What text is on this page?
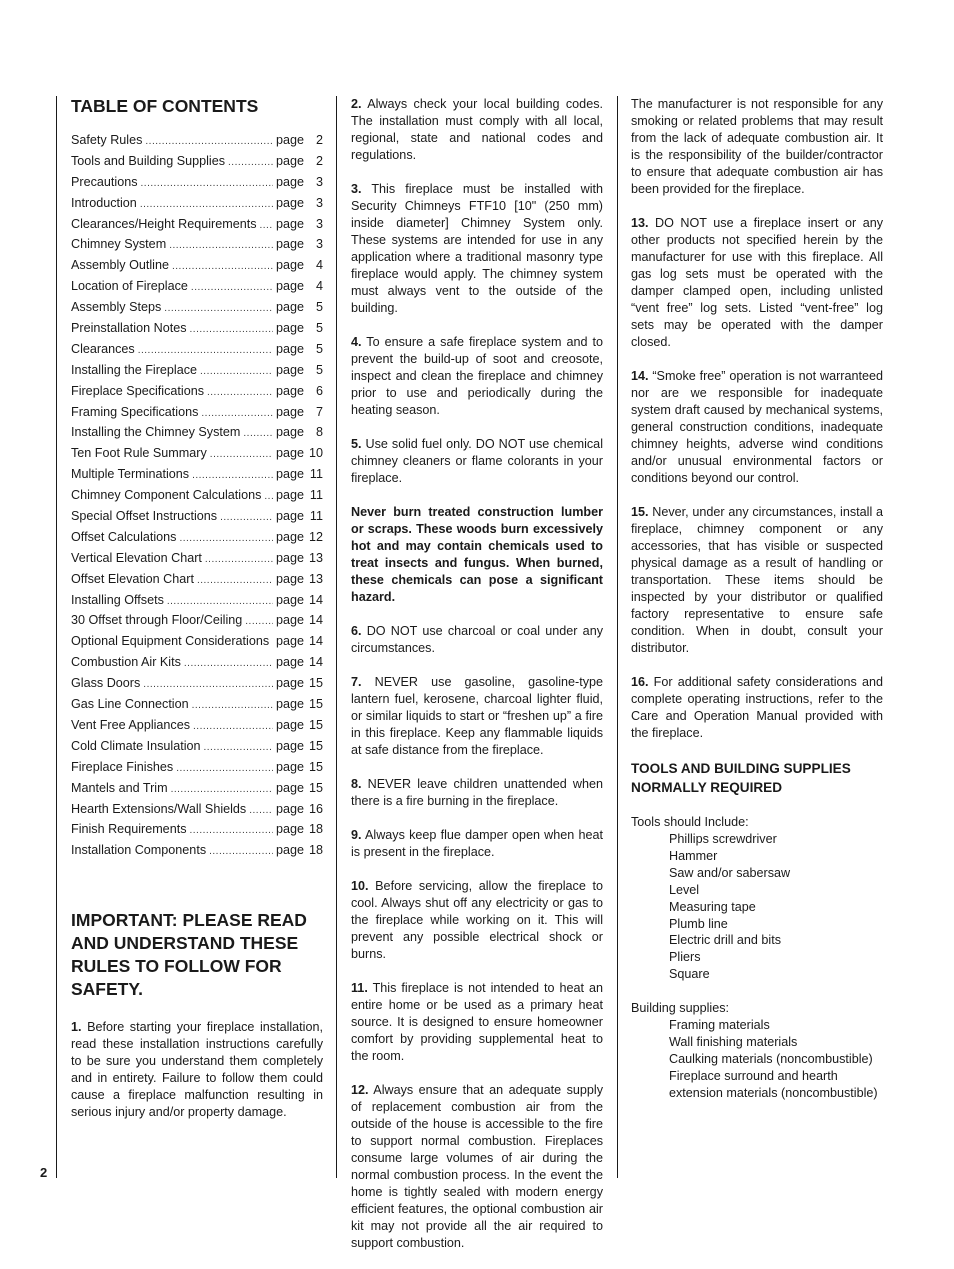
TABLE OF CONTENTS
Safety Rules .....	page 2
Tools and Building Supplies .....	page 2
Precautions .....	page 3
Introduction .....	page 3
Clearances/Height Requirements ..... page 3
Chimney System .....	page 3
Assembly Outline .....	page 4
Location of Fireplace .....	page 4
Assembly Steps .....	page 5
Preinstallation Notes .....	page 5
Clearances .....	page 5
Installing the Fireplace .....	page 5
Fireplace Specifications .....	page 6
Framing Specifications .....	page 7
Installing the Chimney System .....	page 8
Ten Foot Rule Summary .....	page 10
Multiple Terminations .....	page 11
Chimney Component Calculations ..... page 11
Special Offset Instructions .....	page 11
Offset Calculations .....	page 12
Vertical Elevation Chart .....	page 13
Offset Elevation Chart .....	page 13
Installing Offsets .....	page 14
30 Offset through Floor/Ceiling .....	page 14
Optional Equipment Considerations ..... page 14
Combustion Air Kits .....	page 14
Glass Doors .....	page 15
Gas Line Connection .....	page 15
Vent Free Appliances .....	page 15
Cold Climate Insulation .....	page 15
Fireplace Finishes .....	page 15
Mantels and Trim .....	page 15
Hearth Extensions/Wall Shields ..... page 16
Finish Requirements .....	page 18
Installation Components .....	page 18
IMPORTANT: PLEASE READ AND UNDERSTAND THESE RULES TO FOLLOW FOR SAFETY.

1. Before starting your fireplace installation, read these installation instructions carefully to be sure you understand them completely and in entirety. Failure to follow them could cause a fireplace malfunction resulting in serious injury and/or property damage.

2. Always check your local building codes. The installation must comply with all local, regional, state and national codes and regulations.

3. This fireplace must be installed with Security Chimneys FTF10 [10" (250 mm) inside diameter] Chimney System only. These systems are intended for use in any application where a traditional masonry type fireplace would apply. The chimney system must always vent to the outside of the building.

4. To ensure a safe fireplace system and to prevent the build-up of soot and creosote, inspect and clean the fireplace and chimney prior to use and periodically during the heating season.

5. Use solid fuel only. DO NOT use chemical chimney cleaners or flame colorants in your fireplace.

Never burn treated construction lumber or scraps. These woods burn excessively hot and may contain chemicals used to treat insects and fungus. When burned, these chemicals can pose a significant hazard.

6. DO NOT use charcoal or coal under any circumstances.

7. NEVER use gasoline, gasoline-type lantern fuel, kerosene, charcoal lighter fluid, or similar liquids to start or “freshen up” a fire in this fireplace. Keep any flammable liquids at safe distance from the fireplace.

8. NEVER leave children unattended when there is a fire burning in the fireplace.

9. Always keep flue damper open when heat is present in the fireplace.

10. Before servicing, allow the fireplace to cool. Always shut off any electricity or gas to the fireplace while working on it. This will prevent any possible electrical shock or burns.

11. This fireplace is not intended to heat an entire home or be used as a primary heat source. It is designed to ensure homeowner comfort by providing supplemental heat to the room.

12. Always ensure that an adequate supply of replacement combustion air from the outside of the house is accessible to the fire to support normal combustion. Fireplaces consume large volumes of air during the normal combustion process. In the event the home is tightly sealed with modern energy efficient features, the optional combustion air kit may not provide all the air required to support combustion.

The manufacturer is not responsible for any smoking or related problems that may result from the lack of adequate combustion air. It is the responsibility of the builder/contractor to ensure that adequate combustion air has been provided for the fireplace.

13. DO NOT use a fireplace insert or any other products not specified herein by the manufacturer for use with this fireplace. All gas log sets must be operated with the damper clamped open, including unlisted “vent free” log sets. Listed “vent-free” log sets may be operated with the damper closed.

14. “Smoke free” operation is not warranteed nor are we responsible for inadequate system draft caused by mechanical systems, general construction conditions, inadequate chimney heights, adverse wind conditions and/or unusual environmental factors or conditions beyond our control.

15. Never, under any circumstances, install a fireplace, chimney component or any accessories, that has visible or suspected physical damage as a result of handling or transportation. These items should be inspected by your distributor or qualified factory representative to ensure safe condition. When in doubt, consult your distributor.

16. For additional safety considerations and complete operating instructions, refer to the Care and Operation Manual provided with the fireplace.

TOOLS AND BUILDING SUPPLIES NORMALLY REQUIRED

Tools should Include:

Phillips screwdriver
Hammer
Saw and/or sabersaw
Level
Measuring tape
Plumb line
Electric drill and bits
Pliers
Square

Building supplies:

Framing materials
Wall finishing materials
Caulking materials (noncombustible)
Fireplace surround and hearth extension materials (noncombustible)
2
